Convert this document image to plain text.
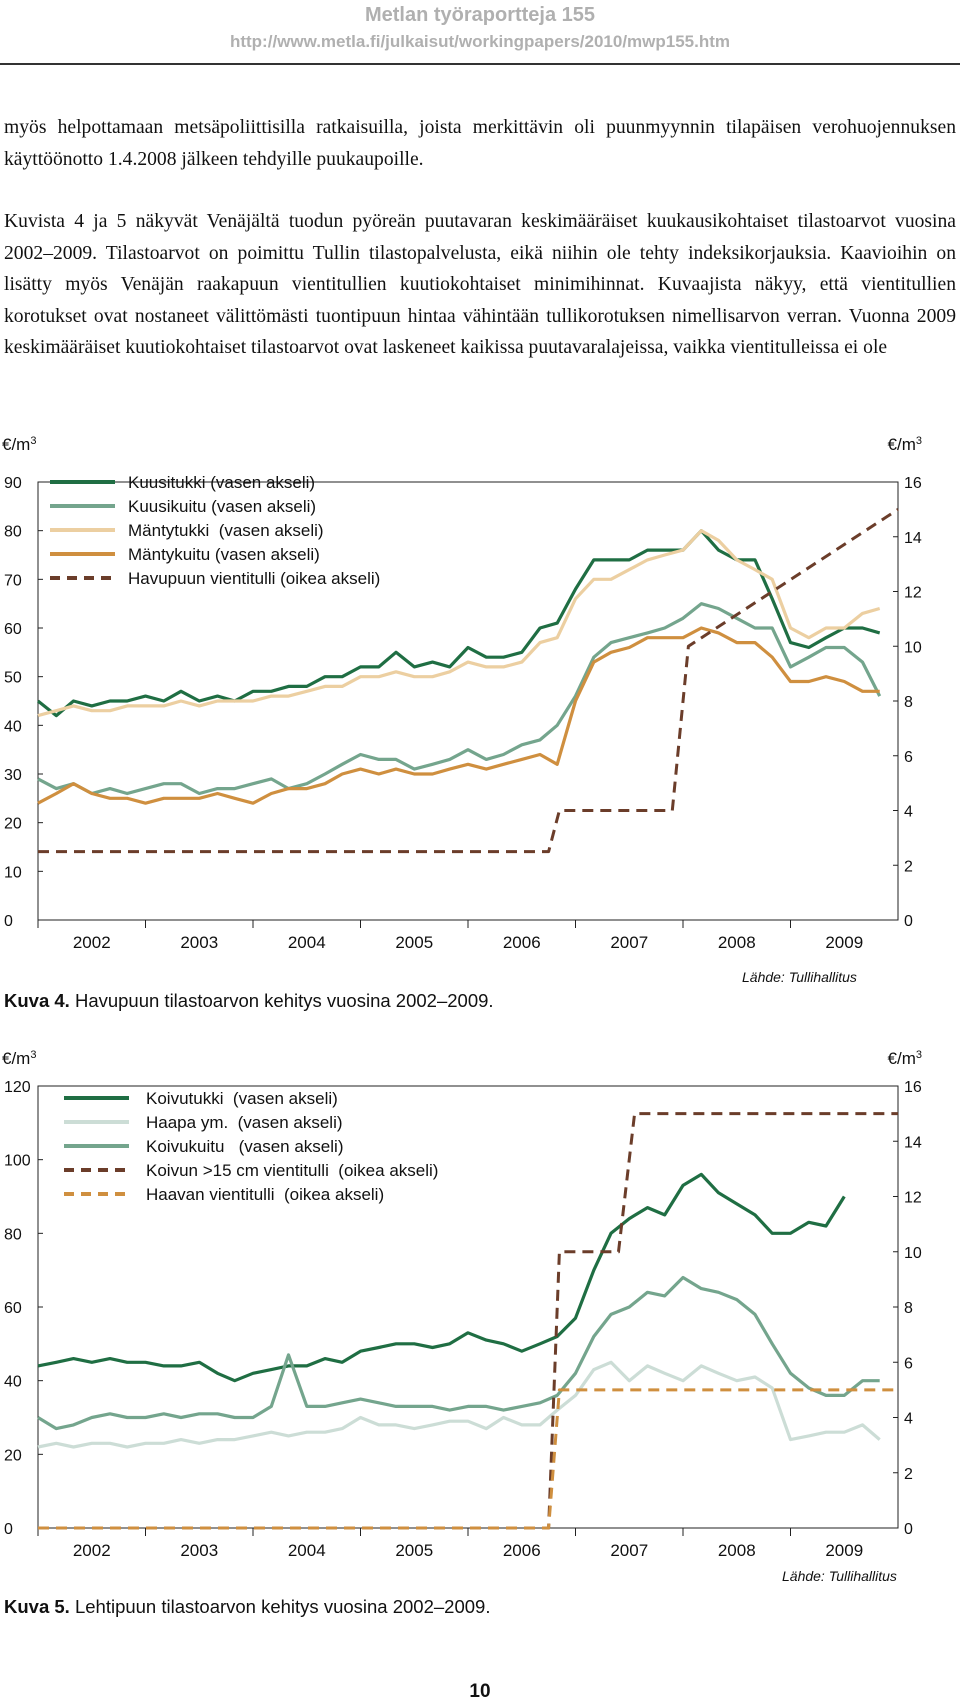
Metlan työraportteja 155
http://www.metla.fi/julkaisut/workingpapers/2010/mwp155.htm

myös helpottamaan metsäpoliittisilla ratkaisuilla, joista merkittävin oli puunmyynnin tilapäisen verohuojennuksen käyttöönotto 1.4.2008 jälkeen tehdyille puukaupoille.

Kuvista 4 ja 5 näkyvät Venäjältä tuodun pyöreän puutavaran keskimääräiset kuukausikohtaiset tilastoarvot vuosina 2002–2009. Tilastoarvot on poimittu Tullin tilastopalvelusta, eikä niihin ole tehty indeksikorjauksia. Kaavioihin on lisätty myös Venäjän raakapuun vientitullien kuutiokohtaiset minimihinnat. Kuvaajista näkyy, että vientitullien korotukset ovat nostaneet välittömästi tuontipuun hintaa vähintään tullikorotuksen nimellisarvon verran. Vuonna 2009 keskimääräiset kuutiokohtaiset tilastoarvot ovat laskeneet kaikissa puutavaralajeissa, vaikka vientitulleissa ei ole

$€/m^3$	$€/m^3$
0
10
20
30
40
50
60
70
80
90
0
2
4
6
8
10
12
14
16
2002	2003	2004	2005	2006	2007	2008	2009
Kuusitukki (vasen akseli)
Kuusikuitu (vasen akseli)
Mäntytukki  (vasen akseli)
Mäntykuitu (vasen akseli)
Havupuun vientitulli (oikea akseli)
Lähde: Tullihallitus
Kuva 4. Havupuun tilastoarvon kehitys vuosina 2002–2009.
$€/m^3$	$€/m^3$
0
20
40
60
80
100
120
0
2
4
6
8
10
12
14
16
2002	2003	2004	2005	2006	2007	2008	2009
Koivutukki  (vasen akseli)
Haapa ym.  (vasen akseli)
Koivukuitu   (vasen akseli)
Koivun >15 cm vientitulli  (oikea akseli)
Haavan vientitulli  (oikea akseli)
Lähde: Tullihallitus
Kuva 5. Lehtipuun tilastoarvon kehitys vuosina 2002–2009.
10
